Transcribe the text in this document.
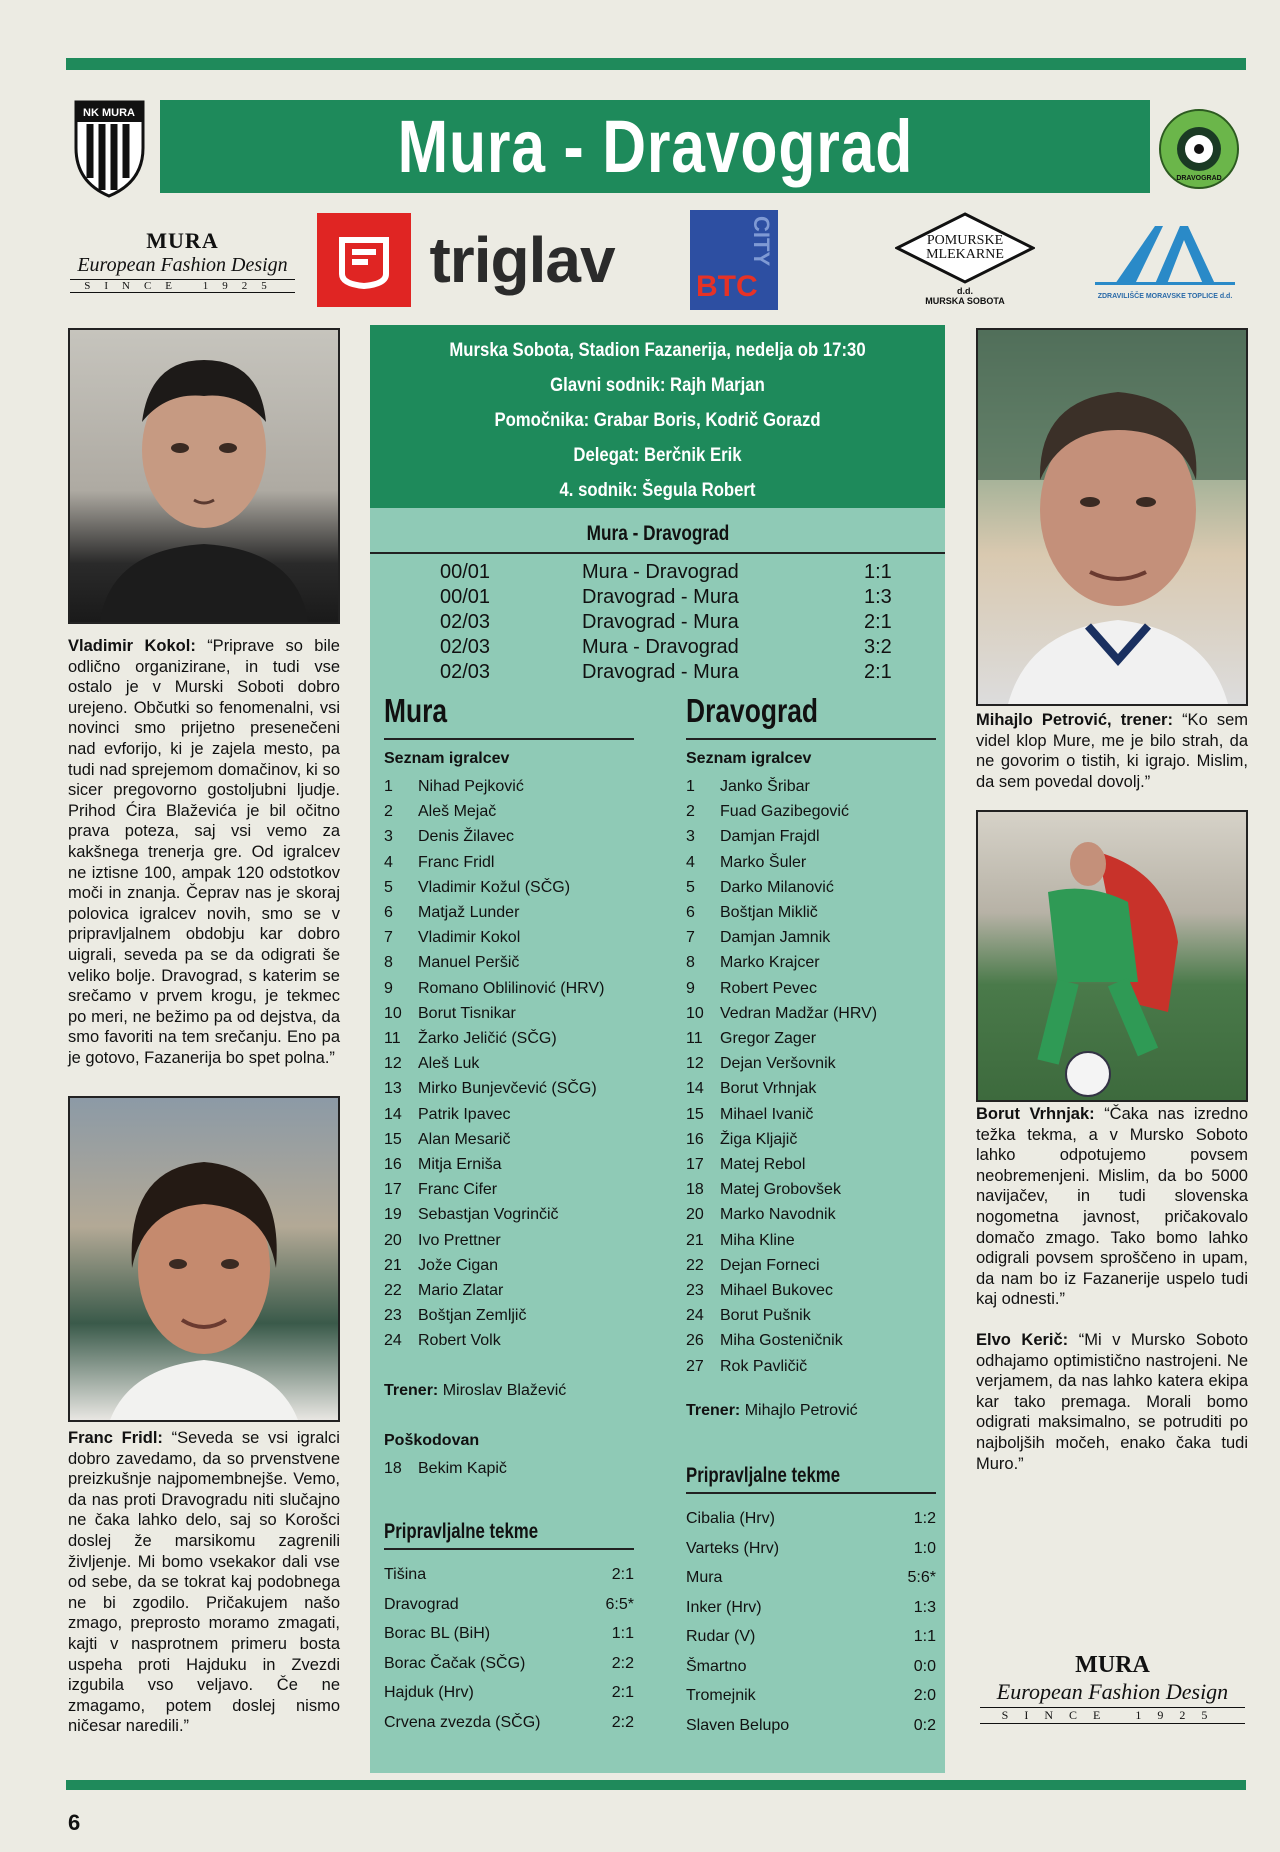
NK MURA	Mura - Dravograd	DRAVOGRAD
MURA
European Fashion Design
SINCE 1925 triglav	CITY
BTC
POMURSKE
MLEKARNE
d.d.
MURSKA SOBOTA	ZDRAVILIŠČE MORAVSKE TOPLICE d.d.
Vladimir Kokol: “Priprave so bile odlično organizirane, in tudi vse ostalo je v Murski Soboti dobro urejeno. Občutki so fenomenalni, vsi novinci smo prijetno presenečeni nad evforijo, ki je zajela mesto, pa tudi nad sprejemom domačinov, ki so sicer pregovorno gostoljubni ljudje. Prihod Ćira Blaževića je bil očitno prava poteza, saj vsi vemo za kakšnega trenerja gre. Od igralcev ne iztisne 100, ampak 120 odstotkov moči in znanja. Čeprav nas je skoraj polovica igralcev novih, smo se v pripravljalnem obdobju kar dobro uigrali, seveda pa se da odigrati še veliko bolje. Dravograd, s katerim se srečamo v prvem krogu, je tekmec po meri, ne bežimo pa od dejstva, da smo favoriti na tem srečanju. Eno pa je gotovo, Fazanerija bo spet polna.”
Franc Fridl: “Seveda se vsi igralci dobro zavedamo, da so prvenstvene preizkušnje najpomembnejše. Vemo, da nas proti Dravogradu niti slučajno ne čaka lahko delo, saj so Korošci doslej že marsikomu zagrenili življenje. Mi bomo vsekakor dali vse od sebe, da se tokrat kaj podobnega ne bi zgodilo. Pričakujem našo zmago, preprosto moramo zmagati, kajti v nasprotnem primeru bosta uspeha proti Hajduku in Zvezdi izgubila vso veljavo. Če ne zmagamo, potem doslej nismo ničesar naredili.”
Mihajlo Petrović, trener: “Ko sem videl klop Mure, me je bilo strah, da ne govorim o tistih, ki igrajo. Mislim, da sem povedal dovolj.”
Borut Vrhnjak: “Čaka nas izredno težka tekma, a v Mursko Soboto lahko odpotujemo povsem neobremenjeni. Mislim, da bo 5000 navijačev, in tudi slovenska nogometna javnost, pričakovalo domačo zmago. Tako bomo lahko odigrali povsem sproščeno in upam, da nam bo iz Fazanerije uspelo tudi kaj odnesti.”
Elvo Kerič: “Mi v Mursko Soboto odhajamo optimistično nastrojeni. Ne verjamem, da nas lahko katera ekipa kar tako premaga. Morali bomo odigrati maksimalno, se potruditi po najboljših močeh, enako čaka tudi Muro.”
MURA
European Fashion Design
SINCE 1925
Murska Sobota, Stadion Fazanerija, nedelja ob 17:30
Glavni sodnik: Rajh Marjan
Pomočnika: Grabar Boris, Kodrič Gorazd
Delegat: Berčnik Erik
4. sodnik: Šegula Robert
Mura - Dravograd
00/01	Mura - Dravograd	1:1
00/01	Dravograd - Mura	1:3
02/03	Dravograd - Mura	2:1
02/03	Mura - Dravograd	3:2
02/03	Dravograd - Mura	2:1
Mura
Seznam igralcev
1	Nihad Pejković
2	Aleš Mejač
3	Denis Žilavec
4	Franc Fridl
5	Vladimir Kožul (SČG)
6	Matjaž Lunder
7	Vladimir Kokol
8	Manuel Peršič
9	Romano Oblilinović (HRV)
10	Borut Tisnikar
11	Žarko Jeličić (SČG)
12	Aleš Luk
13	Mirko Bunjevčević (SČG)
14	Patrik Ipavec
15	Alan Mesarič
16	Mitja Erniša
17	Franc Cifer
19	Sebastjan Vogrinčič
20	Ivo Prettner
21	Jože Cigan
22	Mario Zlatar
23	Boštjan Zemljič
24	Robert Volk
Trener: Miroslav Blažević
Poškodovan
18	Bekim Kapič
Pripravljalne tekme
Tišina	2:1
Dravograd	6:5*
Borac BL (BiH)	1:1
Borac Čačak (SČG)	2:2
Hajduk (Hrv)	2:1
Crvena zvezda (SČG)	2:2
Dravograd
Seznam igralcev
1	Janko Šribar
2	Fuad Gazibegović
3	Damjan Frajdl
4	Marko Šuler
5	Darko Milanović
6	Boštjan Miklič
7	Damjan Jamnik
8	Marko Krajcer
9	Robert Pevec
10	Vedran Madžar (HRV)
11	Gregor Zager
12	Dejan Veršovnik
14	Borut Vrhnjak
15	Mihael Ivanič
16	Žiga Kljajič
17	Matej Rebol
18	Matej Grobovšek
20	Marko Navodnik
21	Miha Kline
22	Dejan Forneci
23	Mihael Bukovec
24	Borut Pušnik
26	Miha Gosteničnik
27	Rok Pavličič
Trener: Mihajlo Petrović
Pripravljalne tekme
Cibalia (Hrv)	1:2
Varteks (Hrv)	1:0
Mura	5:6*
Inker (Hrv)	1:3
Rudar (V)	1:1
Šmartno	0:0
Tromejnik	2:0
Slaven Belupo	0:2
6
